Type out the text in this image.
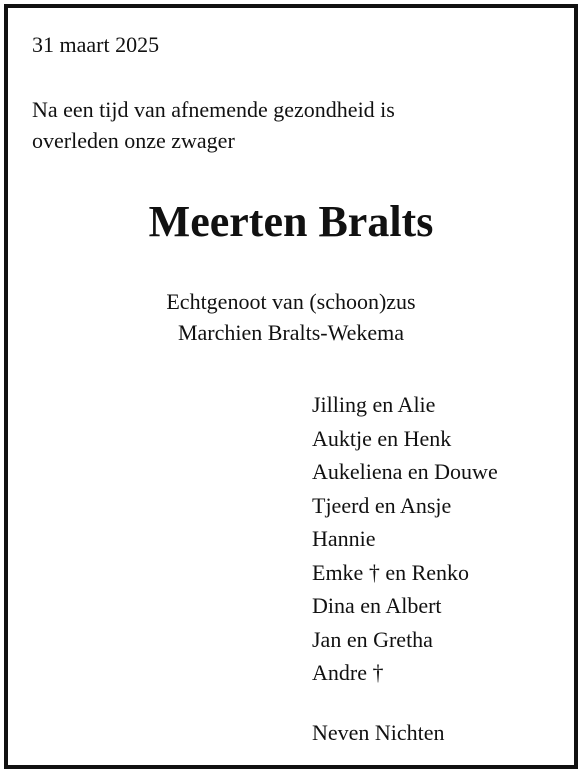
31 maart 2025
Na een tijd van afnemende gezondheid is
overleden onze zwager
Meerten Bralts
Echtgenoot van (schoon)zus
Marchien Bralts-Wekema
Jilling en Alie
Auktje en Henk
Aukeliena en Douwe
Tjeerd en Ansje
Hannie
Emke † en Renko
Dina en Albert
Jan en Gretha
Andre †
Neven Nichten
